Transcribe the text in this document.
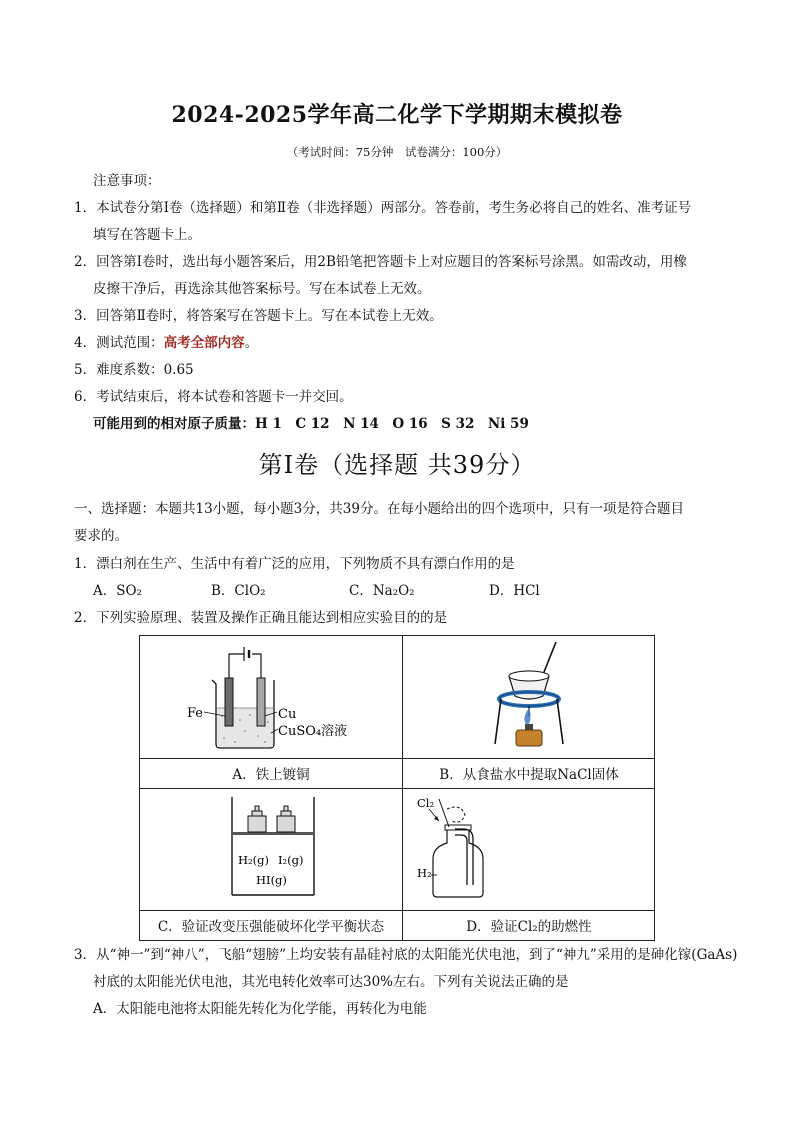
2024-2025学年高二化学下学期期末模拟卷
（考试时间：75分钟　试卷满分：100分）
注意事项：
1．本试卷分第Ⅰ卷（选择题）和第Ⅱ卷（非选择题）两部分。答卷前，考生务必将自己的姓名、准考证号
填写在答题卡上。
2．回答第Ⅰ卷时，选出每小题答案后，用2B铅笔把答题卡上对应题目的答案标号涂黑。如需改动，用橡
皮擦干净后，再选涂其他答案标号。写在本试卷上无效。
3．回答第Ⅱ卷时，将答案写在答题卡上。写在本试卷上无效。
4．测试范围：高考全部内容。
5．难度系数：0.65
6．考试结束后，将本试卷和答题卡一并交回。
可能用到的相对原子质量：H 1　C 12　N 14　O 16　S 32　Ni 59
第Ⅰ卷（选择题 共39分）
一、选择题：本题共13小题，每小题3分，共39分。在每小题给出的四个选项中，只有一项是符合题目
要求的。
1．漂白剂在生产、生活中有着广泛的应用，下列物质不具有漂白作用的是
A．SO₂	B．ClO₂	C．Na₂O₂	D．HCl
2．下列实验原理、装置及操作正确且能达到相应实验目的的是
Fe	Cu
CuSO₄溶液
A．铁上镀铜	B．从食盐水中提取NaCl固体
H₂(g) I₂(g)
HI(g)
Cl₂
H₂
C．验证改变压强能破坏化学平衡状态	D．验证Cl₂的助燃性
3．从“神一”到“神八”，飞船“翅膀”上均安装有晶硅衬底的太阳能光伏电池，到了“神九”采用的是砷化镓(GaAs)
衬底的太阳能光伏电池，其光电转化效率可达30%左右。下列有关说法正确的是
A．太阳能电池将太阳能先转化为化学能，再转化为电能
